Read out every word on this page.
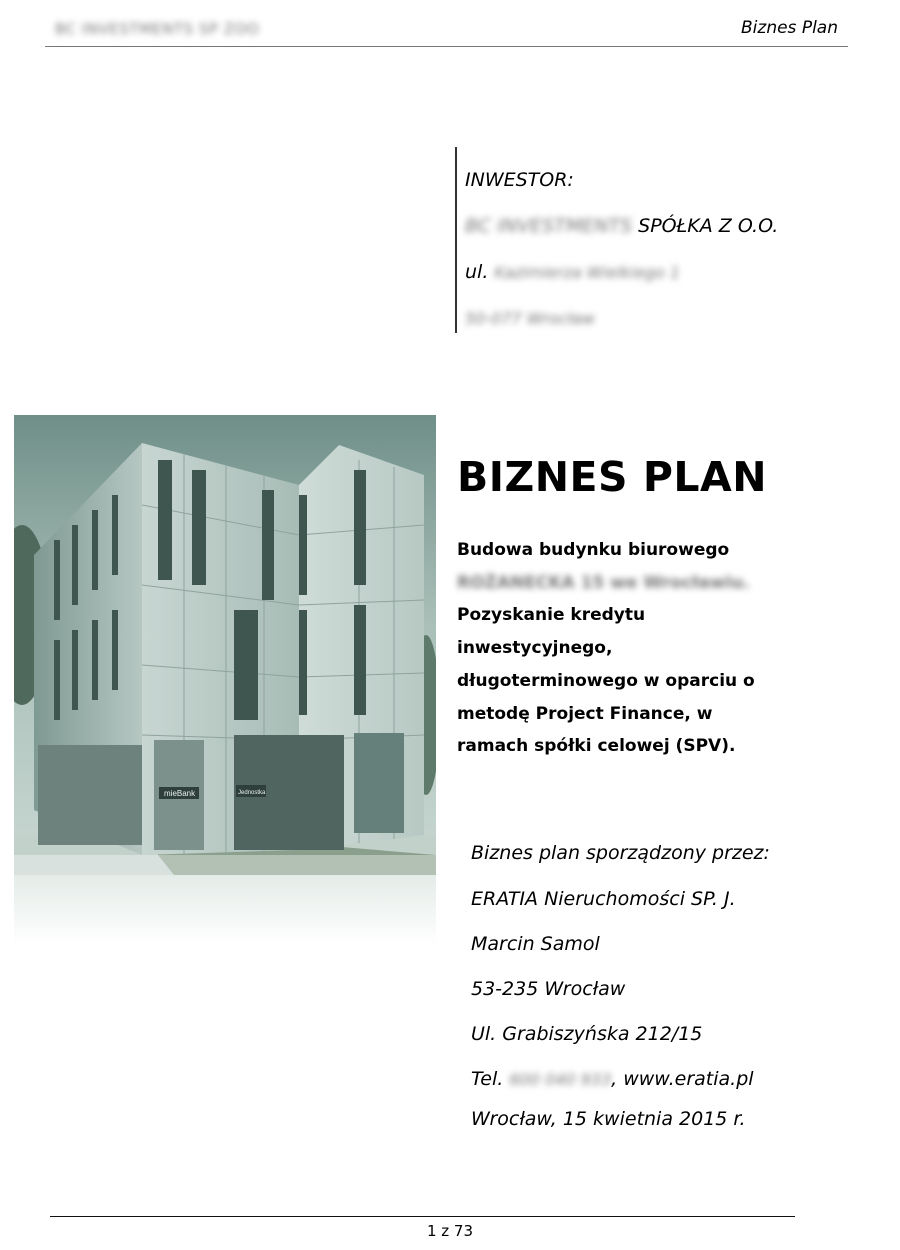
BC INVESTMENTS SP ZOO	Biznes Plan
INWESTOR:
BC INVESTMENTS SPÓŁKA Z O.O.
ul. Kazimierza Wielkiego 1
50-077 Wrocław
mieBank	Jednostka
BIZNES PLAN
Budowa budynku biurowego
ROŻANECKA 15 we Wrocławiu.
Pozyskanie kredytu
inwestycyjnego,
długoterminowego w oparciu o
metodę Project Finance, w
ramach spółki celowej (SPV).
Biznes plan sporządzony przez:
ERATIA Nieruchomości SP. J.
Marcin Samol
53-235 Wrocław
Ul. Grabiszyńska 212/15
Tel. 600 040 933, www.eratia.pl
Wrocław, 15 kwietnia 2015 r.
1 z 73
